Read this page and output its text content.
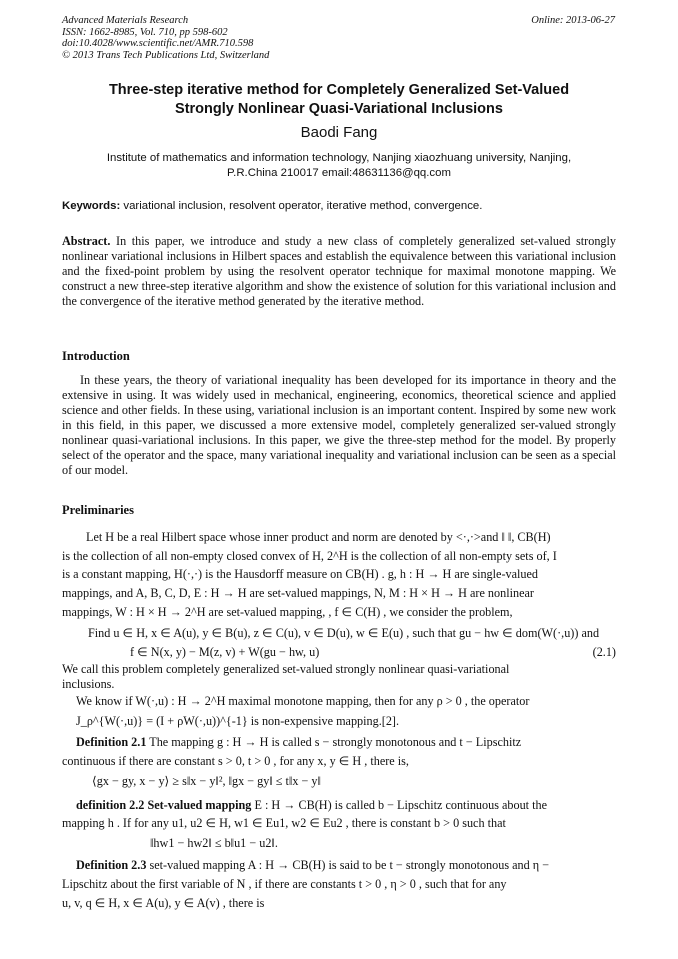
Advanced Materials Research
ISSN: 1662-8985, Vol. 710, pp 598-602
doi:10.4028/www.scientific.net/AMR.710.598
© 2013 Trans Tech Publications Ltd, Switzerland
Online: 2013-06-27
Three-step iterative method for Completely Generalized Set-Valued
Strongly Nonlinear Quasi-Variational Inclusions
Baodi Fang
Institute of mathematics and information technology, Nanjing xiaozhuang university, Nanjing,
P.R.China 210017 email:48631136@qq.com
Keywords: variational inclusion, resolvent operator, iterative method, convergence.
Abstract. In this paper, we introduce and study a new class of completely generalized set-valued strongly nonlinear variational inclusions in Hilbert spaces and establish the equivalence between this variational inclusion and the fixed-point problem by using the resolvent operator technique for maximal monotone mapping. We construct a new three-step iterative algorithm and show the existence of solution for this variational inclusion and the convergence of the iterative method generated by the iterative method.
Introduction
In these years, the theory of variational inequality has been developed for its importance in theory and the extensive in using. It was widely used in mechanical, engineering, economics, theoretical science and applied science and other fields. In these using, variational inclusion is an important content. Inspired by some new work in this field, in this paper, we discussed a more extensive model, completely generalized ser-valued strongly nonlinear quasi-variational inclusions. In this paper, we give the three-step method for the model. By properly select of the operator and the space, many variational inequality and variational inclusion can be seen as a special of our model.
Preliminaries
Let H be a real Hilbert space whose inner product and norm are denoted by <·,·>and ‖ ‖, CB(H)
is the collection of all non-empty closed convex of H, 2^H is the collection of all non-empty sets of, I
is a constant mapping, H(·,·) is the Hausdorff measure on CB(H) . g, h : H → H are single-valued
mappings, and A, B, C, D, E : H → H are set-valued mappings, N, M : H × H → H are nonlinear
mappings, W : H × H → 2^H are set-valued mapping, , f ∈ C(H) , we consider the problem,
Find u ∈ H, x ∈ A(u), y ∈ B(u), z ∈ C(u), v ∈ D(u), w ∈ E(u) , such that gu − hw ∈ dom(W(·,u)) and
f ∈ N(x, y) − M(z, v) + W(gu − hw, u)	(2.1)
We call this problem completely generalized set-valued strongly nonlinear quasi-variational
inclusions.
We know if W(·,u) : H → 2^H maximal monotone mapping, then for any ρ > 0 , the operator
J_ρ^{W(·,u)} = (I + ρW(·,u))^{-1} is non-expensive mapping.[2].
Definition 2.1 The mapping g : H → H is called s − strongly monotonous and t − Lipschitz
continuous if there are constant s > 0, t > 0 , for any x, y ∈ H , there is,
⟨gx − gy, x − y⟩ ≥ s‖x − y‖², ‖gx − gy‖ ≤ t‖x − y‖
definition 2.2 Set-valued mapping E : H → CB(H) is called b − Lipschitz continuous about the
mapping h . If for any u1, u2 ∈ H, w1 ∈ Eu1, w2 ∈ Eu2 , there is constant b > 0 such that
‖hw1 − hw2‖ ≤ b‖u1 − u2‖.
Definition 2.3 set-valued mapping A : H → CB(H) is said to be t − strongly monotonous and η −
Lipschitz about the first variable of N , if there are constants t > 0 , η > 0 , such that for any
u, v, q ∈ H, x ∈ A(u), y ∈ A(v) , there is
